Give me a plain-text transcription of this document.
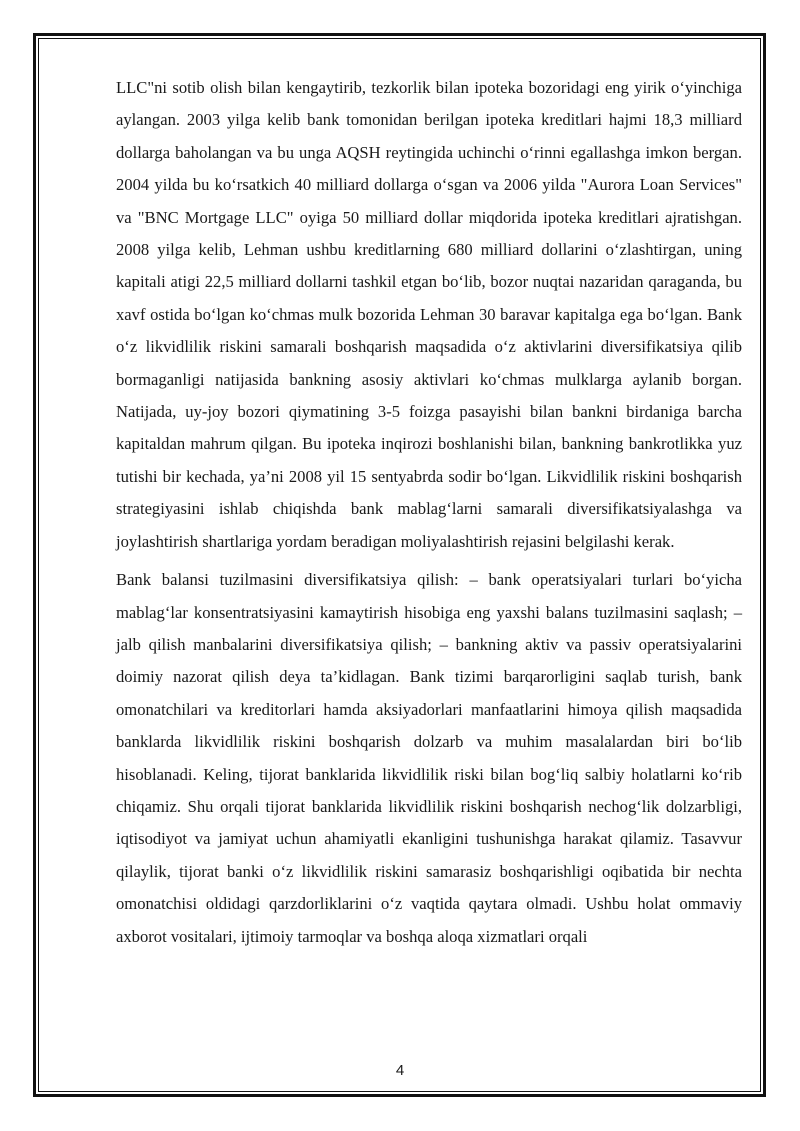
LLC"ni sotib olish bilan kengaytirib, tezkorlik bilan ipoteka bozoridagi eng yirik o‘yinchiga aylangan. 2003 yilga kelib bank tomonidan berilgan ipoteka kreditlari hajmi 18,3 milliard dollarga baholangan va bu unga AQSH reytingida uchinchi o‘rinni egallashga imkon bergan. 2004 yilda bu ko‘rsatkich 40 milliard dollarga o‘sgan va 2006 yilda "Aurora Loan Services" va "BNC Mortgage LLC" oyiga 50 milliard dollar miqdorida ipoteka kreditlari ajratishgan. 2008 yilga kelib, Lehman ushbu kreditlarning 680 milliard dollarini o‘zlashtirgan, uning kapitali atigi 22,5 milliard dollarni tashkil etgan bo‘lib, bozor nuqtai nazaridan qaraganda, bu xavf ostida bo‘lgan ko‘chmas mulk bozorida Lehman 30 baravar kapitalga ega bo‘lgan. Bank o‘z likvidlilik riskini samarali boshqarish maqsadida o‘z aktivlarini diversifikatsiya qilib bormaganligi natijasida bankning asosiy aktivlari ko‘chmas mulklarga aylanib borgan. Natijada, uy-joy bozori qiymatining 3-5 foizga pasayishi bilan bankni birdaniga barcha kapitaldan mahrum qilgan. Bu ipoteka inqirozi boshlanishi bilan, bankning bankrotlikka yuz tutishi bir kechada, ya’ni 2008 yil 15 sentyabrda sodir bo‘lgan. Likvidlilik riskini boshqarish strategiyasini ishlab chiqishda bank mablag‘larni samarali diversifikatsiyalashga va joylashtirish shartlariga yordam beradigan moliyalashtirish rejasini belgilashi kerak.

Bank balansi tuzilmasini diversifikatsiya qilish: – bank operatsiyalari turlari bo‘yicha mablag‘lar konsentratsiyasini kamaytirish hisobiga eng yaxshi balans tuzilmasini saqlash; – jalb qilish manbalarini diversifikatsiya qilish; – bankning aktiv va passiv operatsiyalarini doimiy nazorat qilish deya ta’kidlagan. Bank tizimi barqarorligini saqlab turish, bank omonatchilari va kreditorlari hamda aksiyadorlari manfaatlarini himoya qilish maqsadida banklarda likvidlilik riskini boshqarish dolzarb va muhim masalalardan biri bo‘lib hisoblanadi. Keling, tijorat banklarida likvidlilik riski bilan bog‘liq salbiy holatlarni ko‘rib chiqamiz. Shu orqali tijorat banklarida likvidlilik riskini boshqarish nechog‘lik dolzarbligi, iqtisodiyot va jamiyat uchun ahamiyatli ekanligini tushunishga harakat qilamiz. Tasavvur qilaylik, tijorat banki o‘z likvidlilik riskini samarasiz boshqarishligi oqibatida bir nechta omonatchisi oldidagi qarzdorliklarini o‘z vaqtida qaytara olmadi. Ushbu holat ommaviy axborot vositalari, ijtimoiy tarmoqlar va boshqa aloqa xizmatlari orqali

4
